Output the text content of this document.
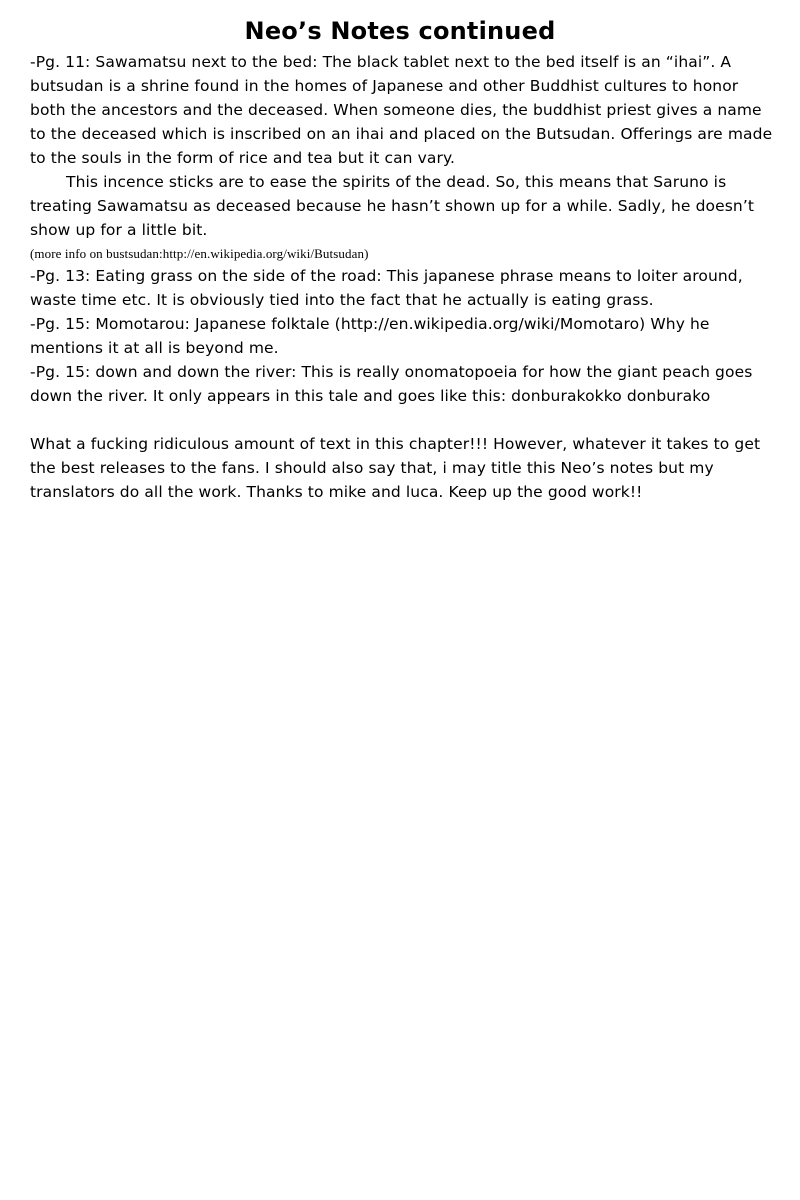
Neo’s Notes continued
-Pg. 11: Sawamatsu next to the bed: The black tablet next to the bed itself is an “ihai”. A
butsudan is a shrine found in the homes of Japanese and other Buddhist cultures to honor
both the ancestors and the deceased. When someone dies, the buddhist priest gives a name
to the deceased which is inscribed on an ihai and placed on the Butsudan. Offerings are made
to the souls in the form of rice and tea but it can vary.
This incence sticks are to ease the spirits of the dead. So, this means that Saruno is
treating Sawamatsu as deceased because he hasn’t shown up for a while. Sadly, he doesn’t
show up for a little bit.
(more info on bustsudan:http://en.wikipedia.org/wiki/Butsudan)
-Pg. 13: Eating grass on the side of the road: This japanese phrase means to loiter around,
waste time etc. It is obviously tied into the fact that he actually is eating grass.
-Pg. 15: Momotarou: Japanese folktale (http://en.wikipedia.org/wiki/Momotaro) Why he
mentions it at all is beyond me.
-Pg. 15: down and down the river: This is really onomatopoeia for how the giant peach goes
down the river. It only appears in this tale and goes like this: donburakokko donburako
What a fucking ridiculous amount of text in this chapter!!! However, whatever it takes to get
the best releases to the fans. I should also say that, i may title this Neo’s notes but my
translators do all the work. Thanks to mike and luca. Keep up the good work!!
